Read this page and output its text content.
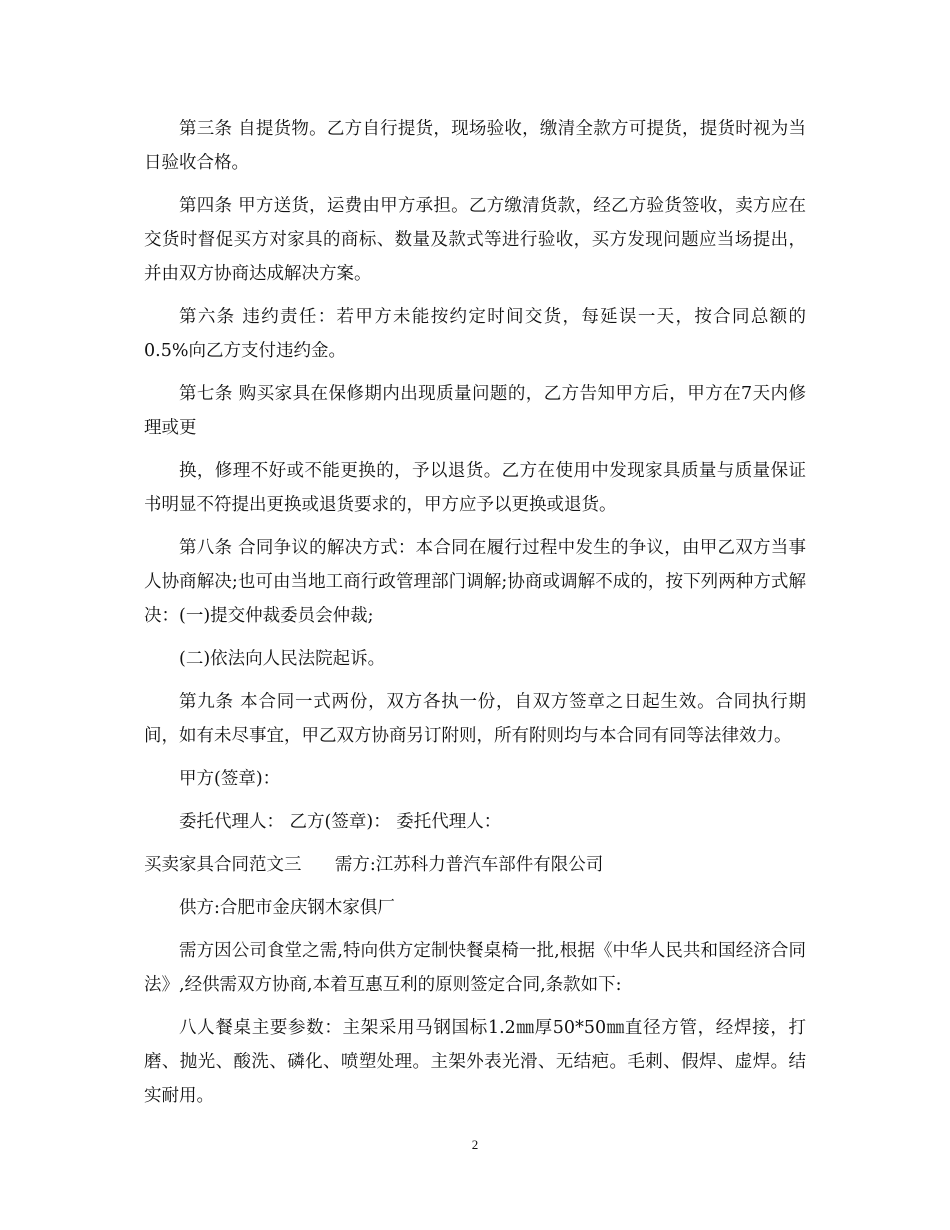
第三条 自提货物。乙方自行提货，现场验收，缴清全款方可提货，提货时视为当日验收合格。

第四条 甲方送货，运费由甲方承担。乙方缴清货款，经乙方验货签收，卖方应在交货时督促买方对家具的商标、数量及款式等进行验收，买方发现问题应当场提出，并由双方协商达成解决方案。

第六条 违约责任：若甲方未能按约定时间交货，每延误一天，按合同总额的0.5%向乙方支付违约金。

第七条 购买家具在保修期内出现质量问题的，乙方告知甲方后，甲方在7天内修理或更

换，修理不好或不能更换的，予以退货。乙方在使用中发现家具质量与质量保证书明显不符提出更换或退货要求的，甲方应予以更换或退货。

第八条 合同争议的解决方式：本合同在履行过程中发生的争议，由甲乙双方当事人协商解决;也可由当地工商行政管理部门调解;协商或调解不成的，按下列两种方式解决：(一)提交仲裁委员会仲裁;

(二)依法向人民法院起诉。

第九条 本合同一式两份，双方各执一份，自双方签章之日起生效。合同执行期间，如有未尽事宜，甲乙双方协商另订附则，所有附则均与本合同有同等法律效力。

甲方(签章)：

委托代理人： 乙方(签章)： 委托代理人：

买卖家具合同范文三      需方:江苏科力普汽车部件有限公司

供方:合肥市金庆钢木家俱厂

需方因公司食堂之需,特向供方定制快餐桌椅一批,根据《中华人民共和国经济合同法》,经供需双方协商,本着互惠互利的原则签定合同,条款如下:

八人餐桌主要参数：主架采用马钢国标1.2㎜厚50*50㎜直径方管，经焊接，打磨、抛光、酸洗、磷化、喷塑处理。主架外表光滑、无结疤。毛刺、假焊、虚焊。结实耐用。

2
